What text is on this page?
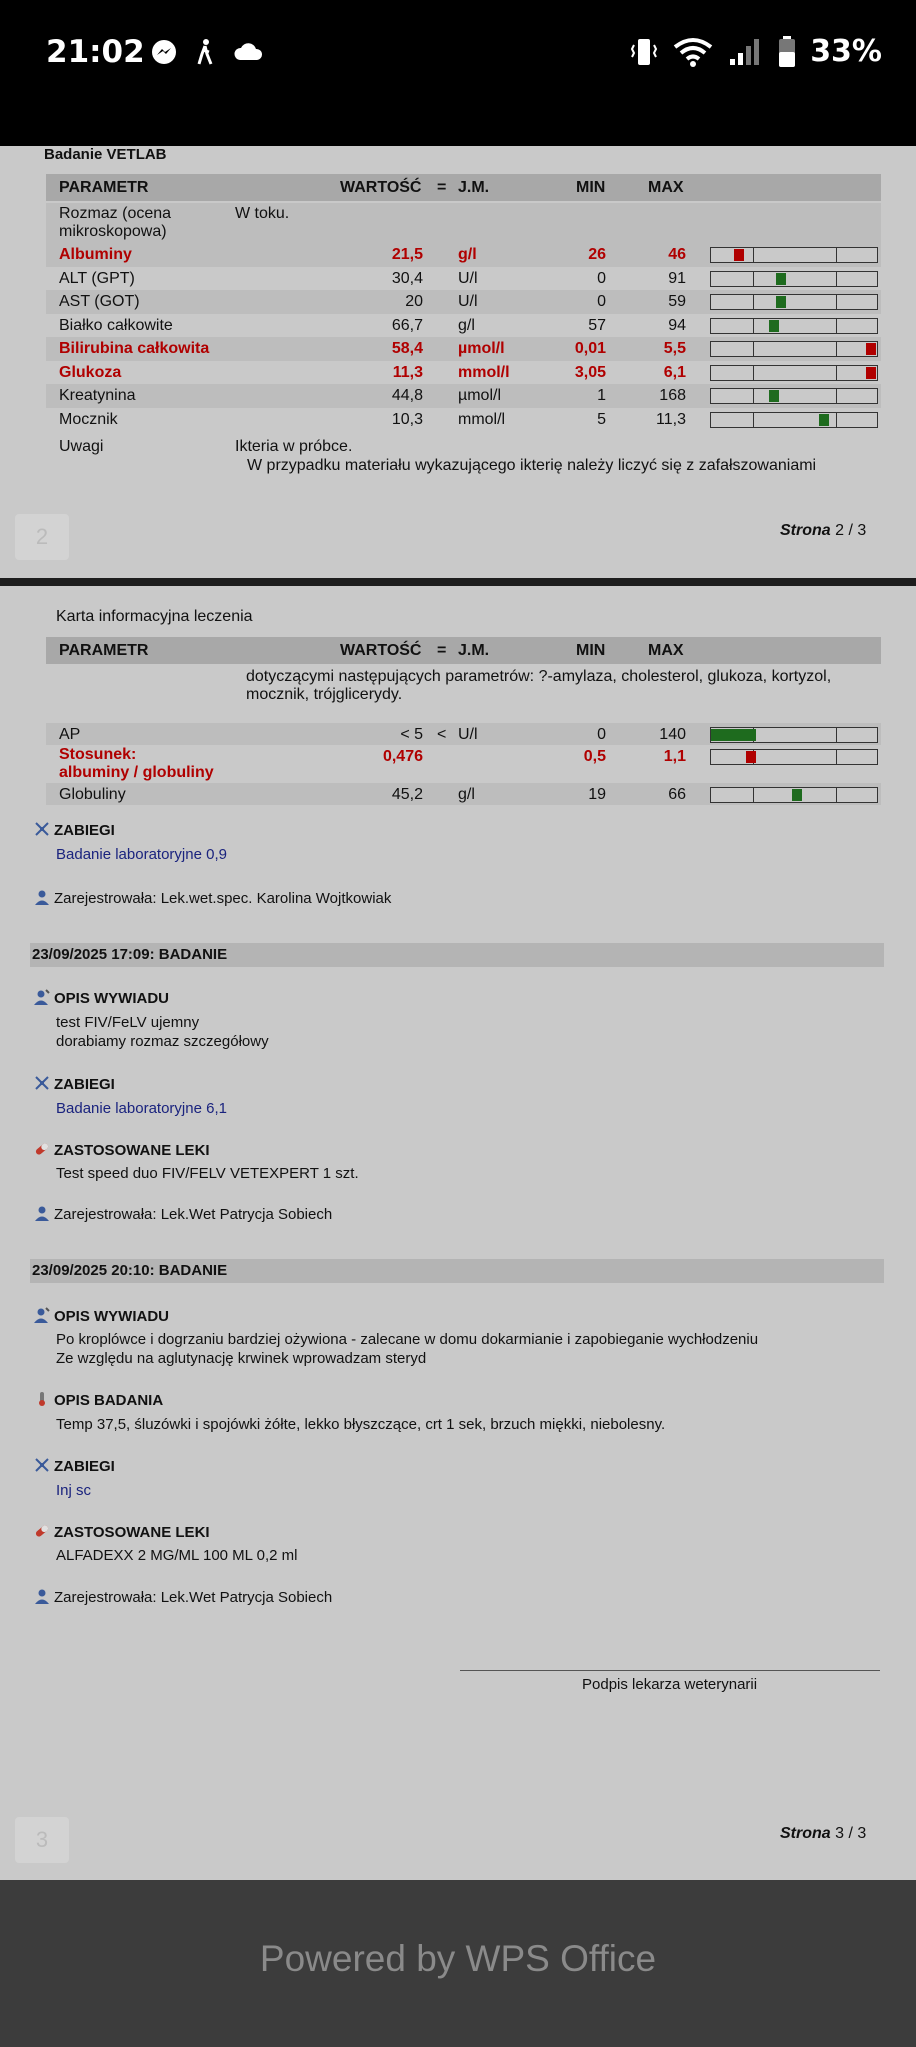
21:02	33%
Badanie VETLAB
PARAMETR	WARTOŚĆ = J.M.	MIN	MAX
Rozmaz (ocena
mikroskopowa)
W toku.
Albuminy	21,5 g/l	26	46
ALT (GPT)	30,4 U/l	0	91
AST (GOT)	20 U/l	0	59
Białko całkowite	66,7 g/l	57	94
Bilirubina całkowita	58,4 µmol/l	0,01	5,5
Glukoza	11,3 mmol/l	3,05	6,1
Kreatynina	44,8 µmol/l	1	168
Mocznik	10,3 mmol/l	5	11,3
Uwagi	Ikteria w próbce.
W przypadku materiału wykazującego ikterię należy liczyć się z zafałszowaniami
2	Strona 2 / 3
Karta informacyjna leczenia
PARAMETR	WARTOŚĆ = J.M.	MIN	MAX
dotyczącymi następujących parametrów: ?-amylaza, cholesterol, glukoza, kortyzol,
mocznik, trójglicerydy.
AP	< 5 < U/l	0	140
Stosunek:
albuminy / globuliny
0,476	0,5	1,1
Globuliny	45,2 g/l	19	66
ZABIEGI
Badanie laboratoryjne 0,9
Zarejestrowała: Lek.wet.spec. Karolina Wojtkowiak
23/09/2025 17:09: BADANIE
OPIS WYWIADU
test FIV/FeLV ujemny
dorabiamy rozmaz szczegółowy
ZABIEGI
Badanie laboratoryjne 6,1
ZASTOSOWANE LEKI
Test speed duo FIV/FELV VETEXPERT 1 szt.
Zarejestrowała: Lek.Wet Patrycja Sobiech
23/09/2025 20:10: BADANIE
OPIS WYWIADU
Po kroplówce i dogrzaniu bardziej ożywiona - zalecane w domu dokarmianie i zapobieganie wychłodzeniu
Ze względu na aglutynację krwinek wprowadzam steryd
OPIS BADANIA
Temp 37,5, śluzówki i spojówki żółte, lekko błyszczące, crt 1 sek, brzuch miękki, niebolesny.
ZABIEGI
Inj sc
ZASTOSOWANE LEKI
ALFADEXX 2 MG/ML 100 ML 0,2 ml
Zarejestrowała: Lek.Wet Patrycja Sobiech
Podpis lekarza weterynarii
3	Strona 3 / 3
Powered by WPS Office
